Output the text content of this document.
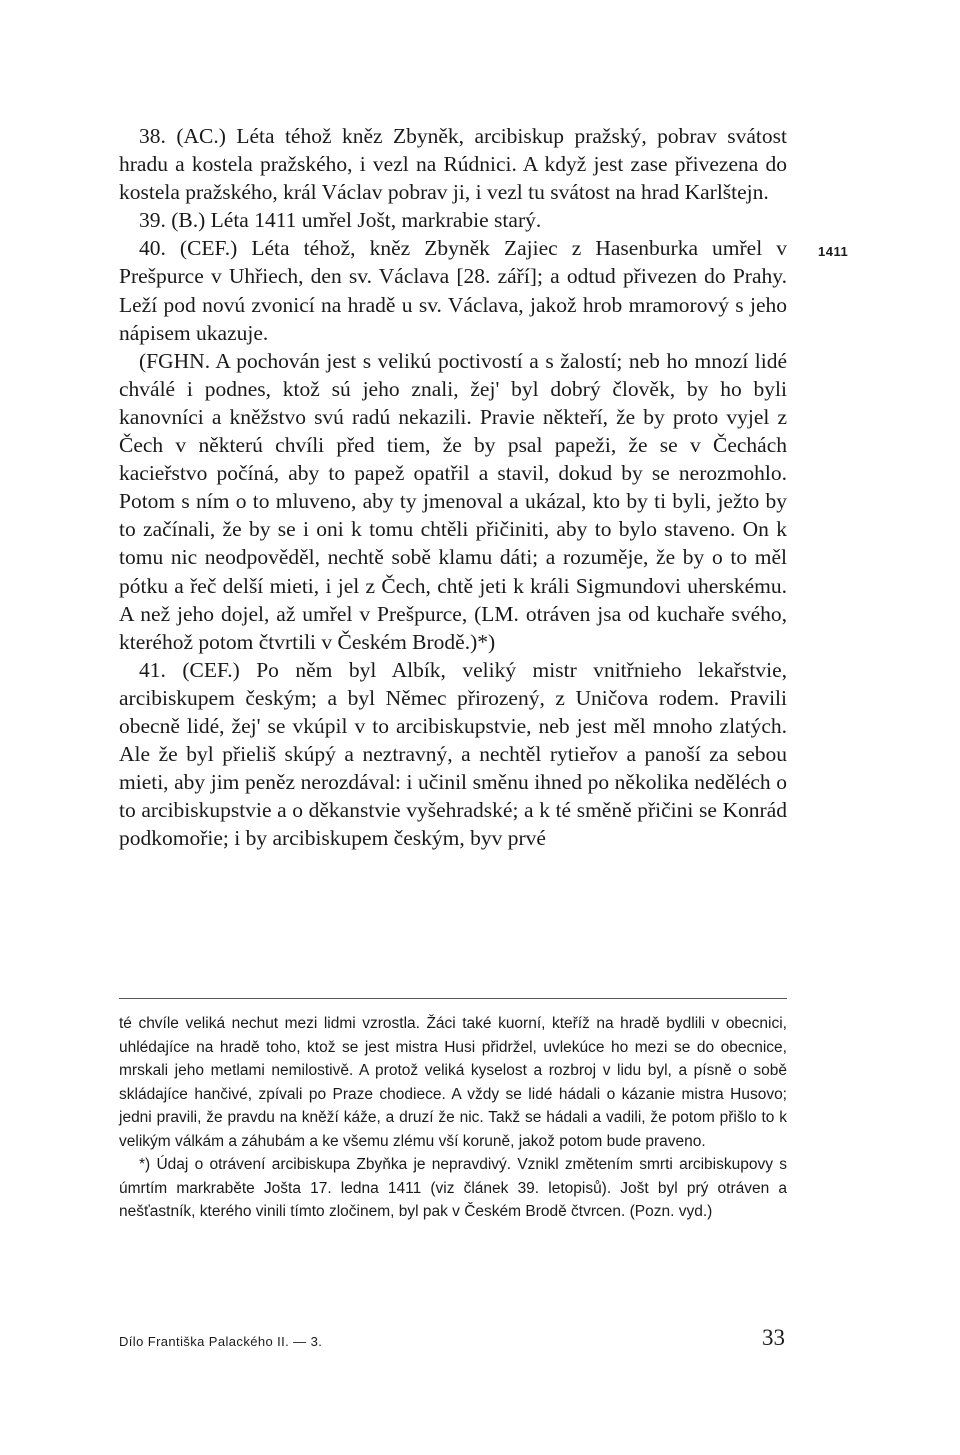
38. (AC.) Léta téhož kněz Zbyněk, arcibiskup pražský, pobrav svátost hradu a kostela pražského, i vezl na Rúdnici. A když jest zase přivezena do kostela pražského, král Václav pobrav ji, i vezl tu svátost na hrad Karlštejn.

39. (B.) Léta 1411 umřel Jošt, markrabie starý.

40. (CEF.) Léta téhož, kněz Zbyněk Zajiec z Hasenburka umřel v Prešpurce v Uhřiech, den sv. Václava [28. září]; a odtud přivezen do Prahy. Leží pod novú zvonicí na hradě u sv. Václava, jakož hrob mramorový s jeho nápisem ukazuje.

(FGHN. A pochován jest s velikú poctivostí a s žalostí; neb ho mnozí lidé chválé i podnes, ktož sú jeho znali, žej' byl dobrý člověk, by ho byli kanovníci a kněžstvo svú radú nekazili. Pravie někteří, že by proto vyjel z Čech v některú chvíli před tiem, že by psal papeži, že se v Čechách kacieřstvo počíná, aby to papež opatřil a stavil, dokud by se nerozmohlo. Potom s ním o to mluveno, aby ty jmenoval a ukázal, kto by ti byli, ježto by to začínali, že by se i oni k tomu chtěli přičiniti, aby to bylo staveno. On k tomu nic neodpověděl, nechtě sobě klamu dáti; a rozuměje, že by o to měl pótku a řeč delší mieti, i jel z Čech, chtě jeti k králi Sigmundovi uherskému. A než jeho dojel, až umřel v Prešpurce, (LM. otráven jsa od kuchaře svého, kteréhož potom čtvrtili v Českém Brodě.)*)

41. (CEF.) Po něm byl Albík, veliký mistr vnitřnieho lekařstvie, arcibiskupem českým; a byl Němec přirozený, z Uničova rodem. Pravili obecně lidé, žej' se vkúpil v to arcibiskupstvie, neb jest měl mnoho zlatých. Ale že byl přieliš skúpý a neztravný, a nechtěl rytieřov a panoší za sebou mieti, aby jim peněz nerozdával: i učinil směnu ihned po několika neděléch o to arcibiskupstvie a o děkanstvie vyšehradské; a k té směně přičini se Konrád podkomořie; i by arcibiskupem českým, byv prvé

1411

té chvíle veliká nechut mezi lidmi vzrostla. Žáci také kuorní, kteříž na hradě bydlili v obecnici, uhlédajíce na hradě toho, ktož se jest mistra Husi přidržel, uvlekúce ho mezi se do obecnice, mrskali jeho metlami nemilostivě. A protož veliká kyselost a rozbroj v lidu byl, a písně o sobě skládajíce hančivé, zpívali po Praze chodiece. A vždy se lidé hádali o kázanie mistra Husovo; jedni pravili, že pravdu na kněží káže, a druzí že nic. Takž se hádali a vadili, že potom přišlo to k velikým válkám a záhubám a ke všemu zlému vší koruně, jakož potom bude praveno.

*) Údaj o otrávení arcibiskupa Zbyňka je nepravdivý. Vznikl změtením smrti arcibiskupovy s úmrtím markraběte Jošta 17. ledna 1411 (viz článek 39. letopisů). Jošt byl prý otráven a nešťastník, kterého vinili tímto zločinem, byl pak v Českém Brodě čtvrcen. (Pozn. vyd.)

Dílo Františka Palackého II. — 3.	33
